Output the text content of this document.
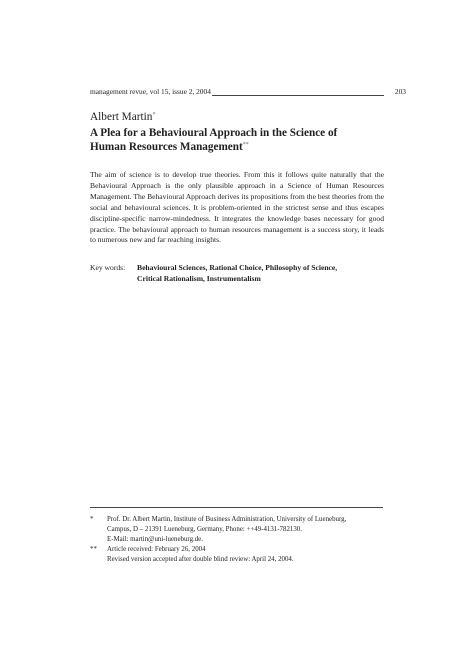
management revue, vol 15, issue 2, 2004	203
Albert Martin*
A Plea for a Behavioural Approach in the Science of
Human Resources Management**
The aim of science is to develop true theories. From this it follows quite naturally that the Behavioural Approach is the only plausible approach in a Science of Human Resources Management. The Behavioural Approach derives its propositions from the best theories from the social and behavioural sciences. It is problem-oriented in the strictest sense and thus escapes discipline-specific narrow-mindedness. It integrates the knowledge bases necessary for good practice. The behavioural approach to human resources management is a success story, it leads to numerous new and far reaching insights.
Key words: Behavioural Sciences, Rational Choice, Philosophy of Science,
Critical Rationalism, Instrumentalism
* Prof. Dr. Albert Martin, Institute of Business Administration, University of Lueneburg,
Campus, D – 21391 Lueneburg, Germany, Phone: ++49-4131-782130.
E-Mail: martin@uni-lueneburg.de.
** Article received: February 26, 2004
Revised version accepted after double blind review: April 24, 2004.
